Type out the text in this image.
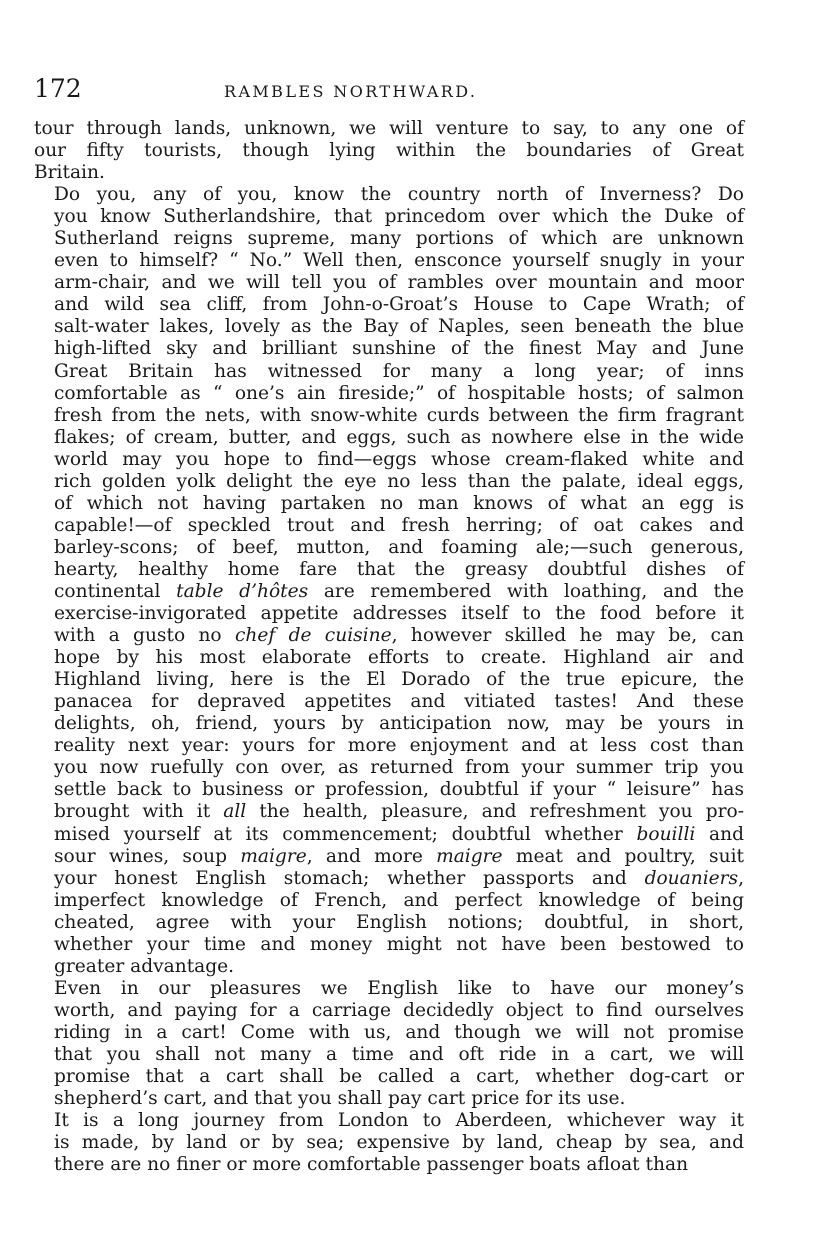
172	RAMBLES NORTHWARD.

tour through lands, unknown, we will venture to say, to any one of
our fifty tourists, though lying within the boundaries of Great
Britain.

Do you, any of you, know the country north of Inverness? Do
you know Sutherlandshire, that princedom over which the Duke of
Sutherland reigns supreme, many portions of which are unknown
even to himself? “ No.” Well then, ensconce yourself snugly in your
arm-chair, and we will tell you of rambles over mountain and moor
and wild sea cliff, from John-o-Groat’s House to Cape Wrath; of
salt-water lakes, lovely as the Bay of Naples, seen beneath the blue
high-lifted sky and brilliant sunshine of the finest May and June
Great Britain has witnessed for many a long year; of inns
comfortable as “ one’s ain fireside;” of hospitable hosts; of salmon
fresh from the nets, with snow-white curds between the firm fragrant
flakes; of cream, butter, and eggs, such as nowhere else in the wide
world may you hope to find—eggs whose cream-flaked white and
rich golden yolk delight the eye no less than the palate, ideal eggs,
of which not having partaken no man knows of what an egg is
capable!—of speckled trout and fresh herring; of oat cakes and
barley-scons; of beef, mutton, and foaming ale;—such generous,
hearty, healthy home fare that the greasy doubtful dishes of
continental table d’hôtes are remembered with loathing, and the
exercise-invigorated appetite addresses itself to the food before it
with a gusto no chef de cuisine, however skilled he may be, can
hope by his most elaborate efforts to create. Highland air and
Highland living, here is the El Dorado of the true epicure, the
panacea for depraved appetites and vitiated tastes! And these
delights, oh, friend, yours by anticipation now, may be yours in
reality next year: yours for more enjoyment and at less cost than
you now ruefully con over, as returned from your summer trip you
settle back to business or profession, doubtful if your “ leisure” has
brought with it all the health, pleasure, and refreshment you pro-
mised yourself at its commencement; doubtful whether bouilli and
sour wines, soup maigre, and more maigre meat and poultry, suit
your honest English stomach; whether passports and douaniers,
imperfect knowledge of French, and perfect knowledge of being
cheated, agree with your English notions; doubtful, in short,
whether your time and money might not have been bestowed to
greater advantage.

Even in our pleasures we English like to have our money’s
worth, and paying for a carriage decidedly object to find ourselves
riding in a cart! Come with us, and though we will not promise
that you shall not many a time and oft ride in a cart, we will
promise that a cart shall be called a cart, whether dog-cart or
shepherd’s cart, and that you shall pay cart price for its use.

It is a long journey from London to Aberdeen, whichever way it
is made, by land or by sea; expensive by land, cheap by sea, and
there are no finer or more comfortable passenger boats afloat than
